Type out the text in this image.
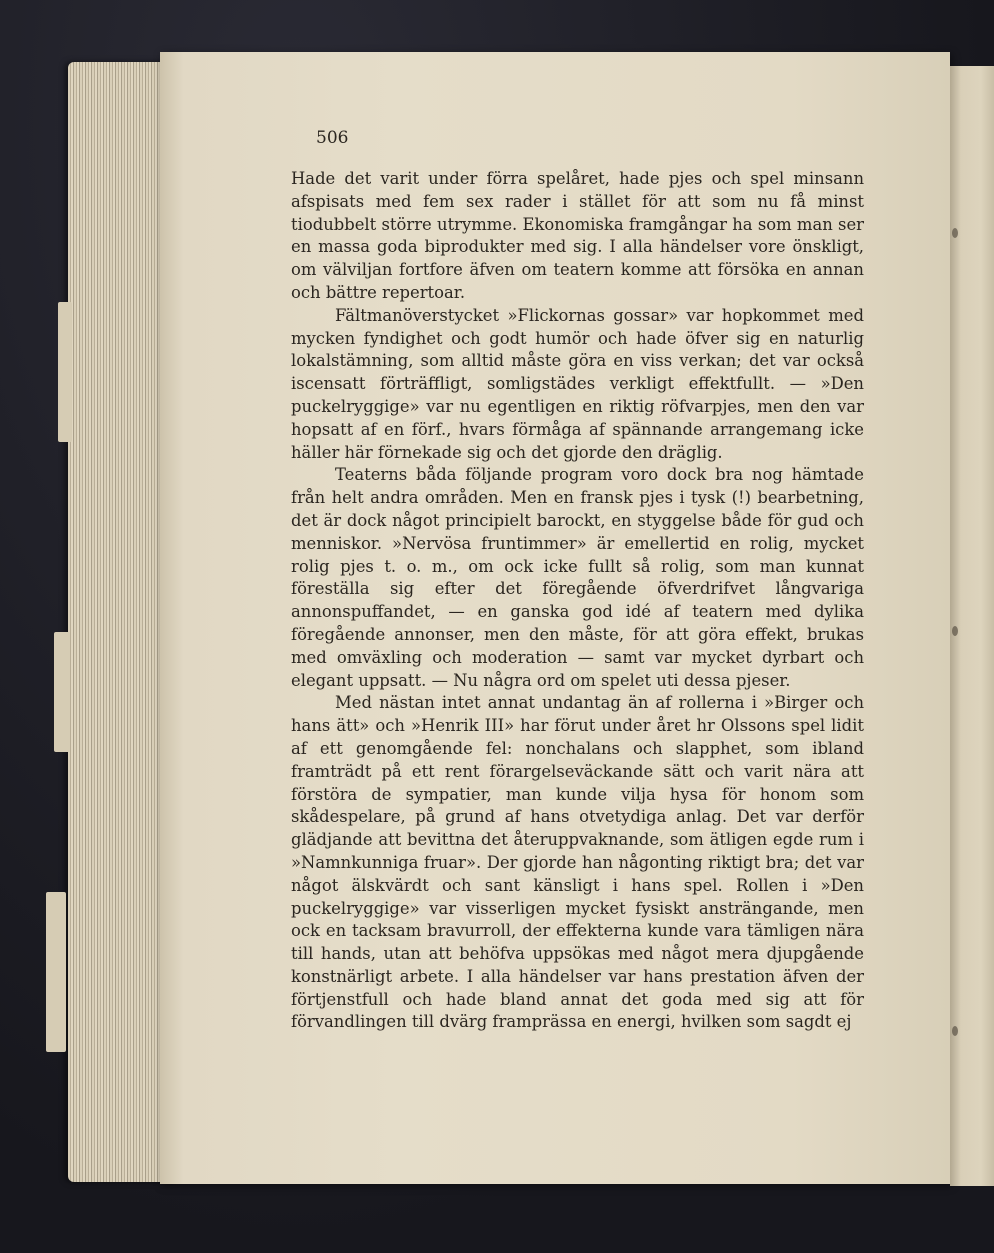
506

Hade det varit under förra spelåret, hade pjes och spel minsann afspisats med fem sex rader i stället för att som nu få minst tiodubbelt större utrymme. Ekonomiska framgångar ha som man ser en massa goda biprodukter med sig. I alla händelser vore önskligt, om välviljan fortfore äfven om teatern komme att försöka en annan och bättre repertoar.

Fältmanöverstycket »Flickornas gossar» var hopkommet med mycken fyndighet och godt humör och hade öfver sig en naturlig lokalstämning, som alltid måste göra en viss verkan; det var också iscensatt förträffligt, somligstädes verkligt effektfullt. — »Den puckelryggige» var nu egentligen en riktig röfvarpjes, men den var hopsatt af en förf., hvars förmåga af spännande arrangemang icke häller här förnekade sig och det gjorde den dräglig.

Teaterns båda följande program voro dock bra nog hämtade från helt andra områden. Men en fransk pjes i tysk (!) bearbetning, det är dock något principielt barockt, en styggelse både för gud och menniskor. »Nervösa fruntimmer» är emellertid en rolig, mycket rolig pjes t. o. m., om ock icke fullt så rolig, som man kunnat föreställa sig efter det föregående öfverdrifvet långvariga annonspuffandet, — en ganska god idé af teatern med dylika föregående annonser, men den måste, för att göra effekt, brukas med omväxling och moderation — samt var mycket dyrbart och elegant uppsatt. — Nu några ord om spelet uti dessa pjeser.

Med nästan intet annat undantag än af rollerna i »Birger och hans ätt» och »Henrik III» har förut under året hr Olssons spel lidit af ett genomgående fel: nonchalans och slapphet, som ibland framträdt på ett rent förargelseväckande sätt och varit nära att förstöra de sympatier, man kunde vilja hysa för honom som skådespelare, på grund af hans otvetydiga anlag. Det var derför glädjande att bevittna det återuppvaknande, som ätligen egde rum i »Namnkunniga fruar». Der gjorde han någonting riktigt bra; det var något älskvärdt och sant känsligt i hans spel. Rollen i »Den puckelryggige» var visserligen mycket fysiskt ansträngande, men ock en tacksam bravurroll, der effekterna kunde vara tämligen nära till hands, utan att behöfva uppsökas med något mera djupgående konstnärligt arbete. I alla händelser var hans prestation äfven der förtjenstfull och hade bland annat det goda med sig att för förvandlingen till dvärg framprässa en energi, hvilken som sagdt ej
